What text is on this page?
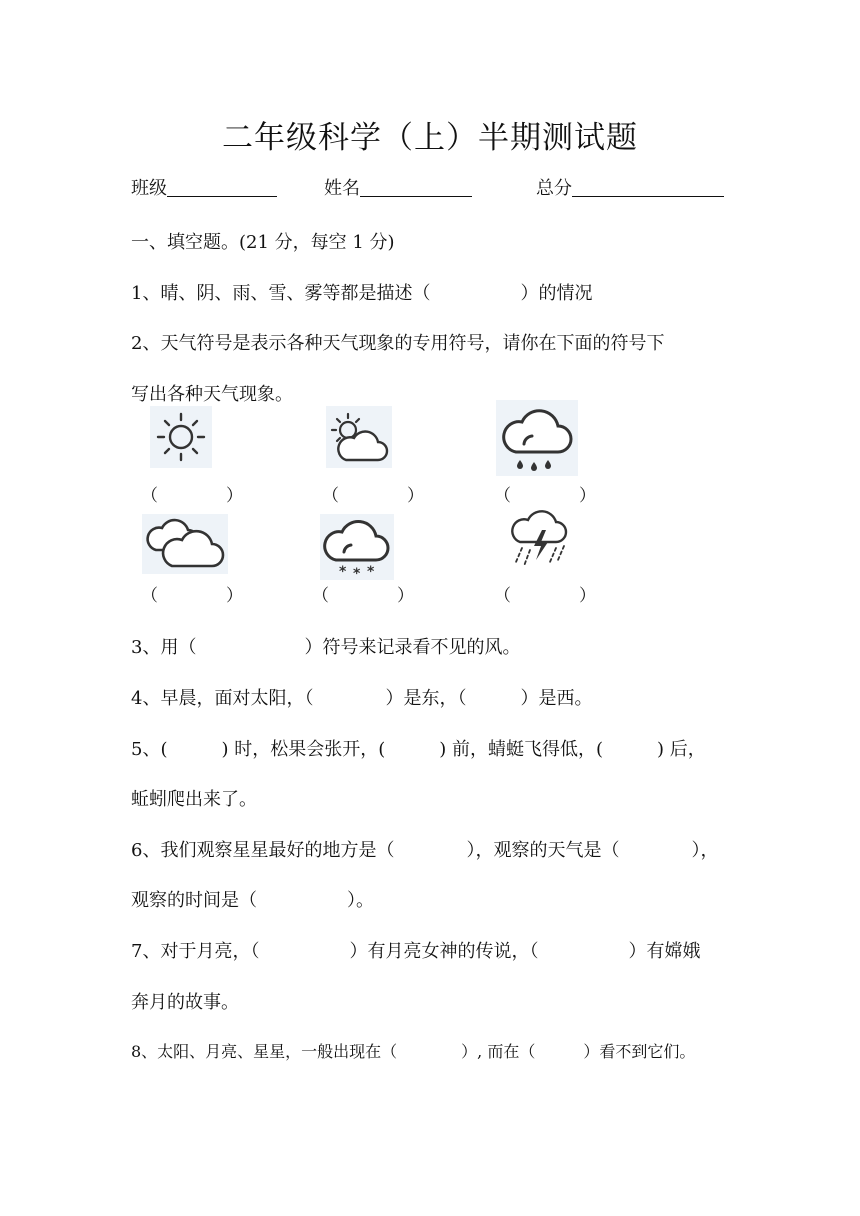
二年级科学（上）半期测试题
班级	姓名	总分
一、填空题。(21 分，每空 1 分)
1、晴、阴、雨、雪、雾等都是描述（　　　　　）的情况
2、天气符号是表示各种天气现象的专用符号，请你在下面的符号下
写出各种天气现象。
（　　　　）	（　　　　）	（　　　　）
* * *
（　　　　）	（　　　　）	（　　　　）
3、用（　　　　　　）符号来记录看不见的风。
4、早晨，面对太阳，（　　　　）是东，（　　　）是西。
5、(　　　) 时，松果会张开，(　　　) 前，蜻蜓飞得低，(　　　) 后，
蚯蚓爬出来了。
6、我们观察星星最好的地方是（　　　　），观察的天气是（　　　　），
观察的时间是（　　　　　）。
7、对于月亮，（　　　　　）有月亮女神的传说，（　　　　　）有嫦娥
奔月的故事。
8、太阳、月亮、星星，一般出现在（　　　　）, 而在（　　　）看不到它们。
